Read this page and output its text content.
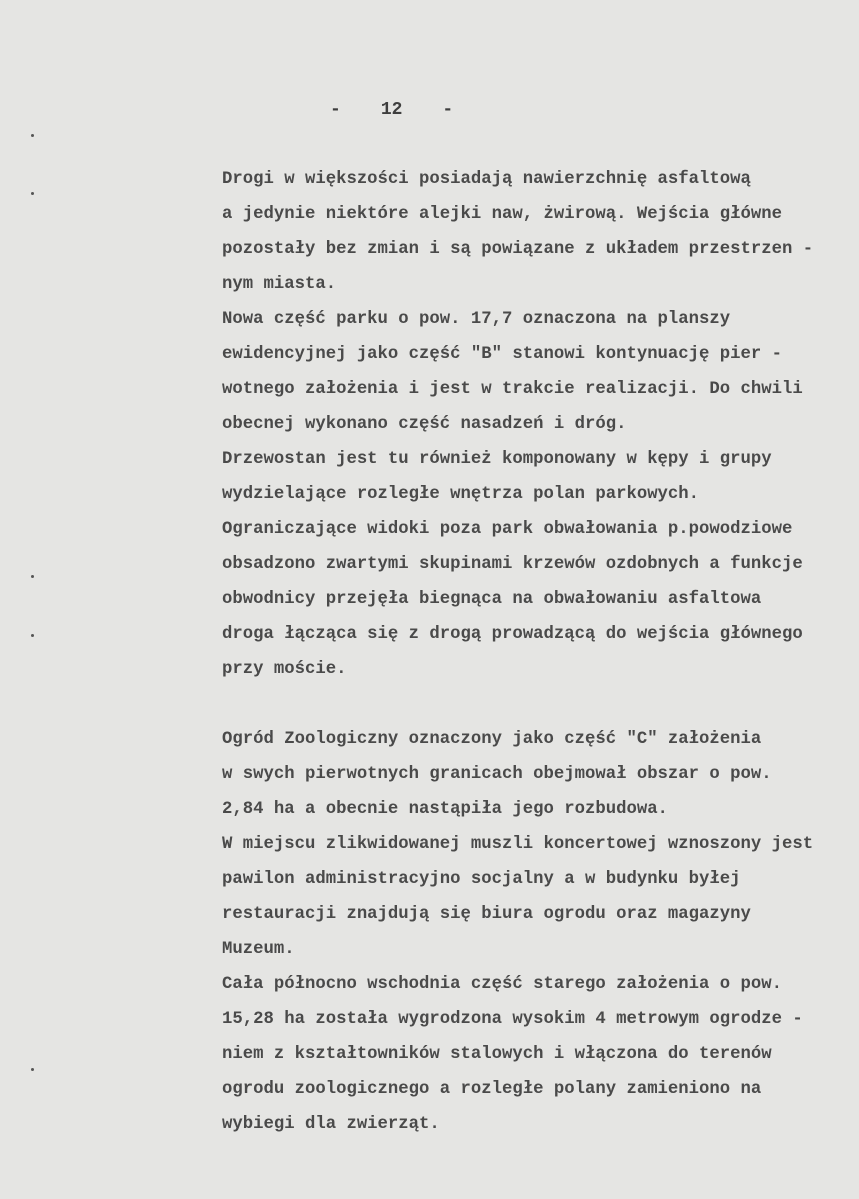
- 12 -
Drogi w większości posiadają nawierzchnię asfaltową
a jedynie niektóre alejki naw, żwirową. Wejścia główne
pozostały bez zmian i są powiązane z układem przestrzen -
nym miasta.
Nowa część parku o pow. 17,7 oznaczona na planszy
ewidencyjnej jako część "B" stanowi kontynuację pier -
wotnego założenia i jest w trakcie realizacji. Do chwili
obecnej wykonano część nasadzeń i dróg.
Drzewostan jest tu również komponowany w kępy i grupy
wydzielające rozległe wnętrza polan parkowych.
Ograniczające widoki poza park obwałowania p.powodziowe
obsadzono zwartymi skupinami krzewów ozdobnych a funkcje
obwodnicy przejęła biegnąca na obwałowaniu asfaltowa
droga łącząca się z drogą prowadzącą do wejścia głównego
przy moście.
Ogród Zoologiczny oznaczony jako część "C" założenia
w swych pierwotnych granicach obejmował obszar o pow.
2,84 ha a obecnie nastąpiła jego rozbudowa.
W miejscu zlikwidowanej muszli koncertowej wznoszony jest
pawilon administracyjno socjalny a w budynku byłej
restauracji znajdują się biura ogrodu oraz magazyny
Muzeum.
Cała północno wschodnia część starego założenia o pow.
15,28 ha została wygrodzona wysokim 4 metrowym ogrodze -
niem z kształtowników stalowych i włączona do terenów
ogrodu zoologicznego a rozległe polany zamieniono na
wybiegi dla zwierząt.
